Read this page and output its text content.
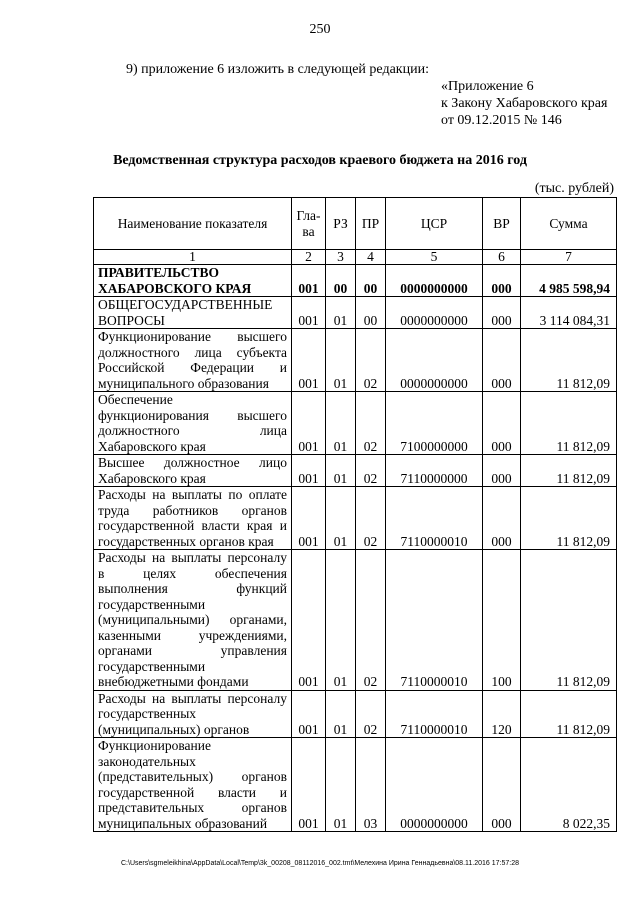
250
9) приложение 6 изложить в следующей редакции:
«Приложение 6
к Закону Хабаровского края
от 09.12.2015 № 146
Ведомственная структура расходов краевого бюджета на 2016 год
(тыс. рублей)
Наименование показателя	Гла-ва	РЗ	ПР	ЦСР	ВР	Сумма
1	2	3	4	5	6	7
ПРАВИТЕЛЬСТВО ХАБАРОВСКОГО КРАЯ	001	00	00	0000000000	000	4 985 598,94
ОБЩЕГОСУДАРСТВЕННЫЕ ВОПРОСЫ	001	01	00	0000000000	000	3 114 084,31
Функционирование высшего должностного лица субъекта Российской Федерации и муниципального образования	001	01	02	0000000000	000	11 812,09
Обеспечение функционирования высшего должностного лица Хабаровского края	001	01	02	7100000000	000	11 812,09
Высшее должностное лицо Хабаровского края	001	01	02	7110000000	000	11 812,09
Расходы на выплаты по оплате труда работников органов государственной власти края и государственных органов края	001	01	02	7110000010	000	11 812,09
Расходы на выплаты персоналу в целях обеспечения выполнения функций государственными (муниципальными) органами, казенными учреждениями, органами управления государственными внебюджетными фондами	001	01	02	7110000010	100	11 812,09
Расходы на выплаты персоналу государственных (муниципальных) органов	001	01	02	7110000010	120	11 812,09
Функционирование законодательных (представительных) органов государственной власти и представительных органов муниципальных образований	001	01	03	0000000000	000	8 022,35
C:\Users\sgmeleikhina\AppData\Local\Temp\3k_00208_08112016_002.tmt\Мелехина Ирина Геннадьевна\08.11.2016 17:57:28
